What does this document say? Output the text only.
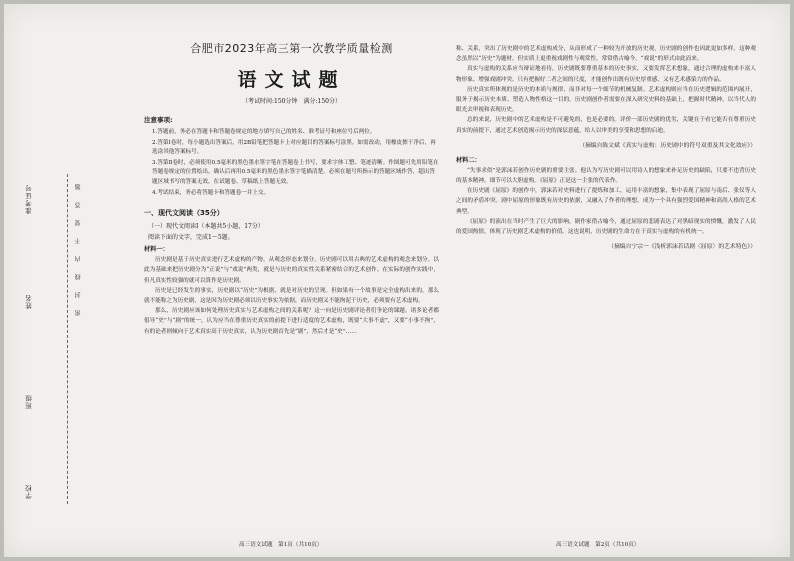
准考证号
姓名
班级
学校
密　　封　　线　　内　　不　　要　　答　　题

合肥市2023年高三第一次教学质量检测

语文试题

（考试时间:150分钟　满分:150分）

注意事项:

1.答题前，务必在答题卡和答题卷规定的地方填写自己的姓名、准考证号和座位号后两位。

2.答第Ⅰ卷时，每小题选出答案后，用2B铅笔把答题卡上对应题目的答案标号涂黑。如需改动，用橡皮擦干净后，再选涂其他答案标号。

3.答第Ⅱ卷时，必须使用0.5毫米的黑色墨水签字笔在答题卷上书写，要求字体工整、笔迹清晰。作图题可先用铅笔在答题卷规定的位置绘出，确认后再用0.5毫米的黑色墨水签字笔描清楚。必须在题号所指示的答题区域作答，超出答题区域书写的答案无效，在试题卷、草稿纸上答题无效。

4.考试结束，务必将答题卡和答题卷一并上交。

一、现代文阅读（35分）
（一）现代文阅读Ⅰ（本题共5小题，17分）
阅读下面的文字，完成1～5题。
材料一：

历史剧是基于历史真实进行艺术虚构的产物。从观念形态来划分，历史剧可以用古典的艺术虚构的观念来划分。以此为基础来把历史剧分为“正说”与“戏说”两类，就是与历史的真实性关系紧密结合的艺术创作。在实际的创作实践中，但凡真实性较强的就可以算作是历史剧。

历史是已经发生的事实，历史剧以“历史”为根据，就是对历史的呈现。但如果有一个故事是完全虚构出来的，那么就不能称之为历史剧，这是因为历史剧必须以历史事实为依据，而历史剧又不能拘泥于历史，必须要有艺术虚构。

那么，历史剧应该如何处理历史真实与艺术虚构之间的关系呢？这一向是历史剧评论者们争论的课题。诸多论者都倡导“史”与“剧”的统一，认为应当在尊重历史真实的前提下进行适度的艺术虚构，既要“大事不虚”，又要“小事不拘”，有的论者则倾向于艺术真实高于历史真实，认为历史剧首先是“剧”，然后才是“史”……

称、关系，突出了历史剧中的艺术虚构成分，从而形成了一种较为开放的历史观，历史剧的创作也因此更加多样。这种观念虽然以“历史”为题材，但实质上更重视戏剧性与观赏性，常常借古喻今，“戏说”的形式由此而来。

真实与虚构的关系应当辩证地看待，历史剧既要尊重基本的历史事实，又要发挥艺术想象，通过合理的虚构来丰富人物形象、增强戏剧冲突。只有把握好二者之间的尺度，才能创作出既有历史厚重感、又有艺术感染力的作品。

历史真实所体现的是历史的本质与规律，而非对每一个细节的机械复制。艺术虚构则应当在历史逻辑的范围内展开，服务于揭示历史本质、塑造人物性格这一目的。历史剧创作者需要在深入研究史料的基础上，把握时代精神，以当代人的眼光去审视和表现历史。

总的来说，历史剧中的艺术虚构是不可避免的，也是必要的。评价一部历史剧的优劣，关键在于看它能否在尊重历史真实的前提下，通过艺术创造揭示历史的深层意蕴，给人以审美的享受和思想的启迪。

（摘编自陈文斌《真实与虚构：历史剧中的符号双重及其文化效应》）

材料二：

“失事求似”是郭沫若创作历史剧的重要主张。他认为写历史剧可以用诗人的想象来补足历史的缺陷，只要不违背历史的基本精神，细节可以大胆虚构。《屈原》正是这一主张的代表作。

在历史剧《屈原》的创作中，郭沫若对史料进行了提炼和加工，运用丰富的想象，集中表现了屈原与南后、张仪等人之间的矛盾冲突。剧中屈原的形象既有历史的依据，又融入了作者的理想，成为一个具有强烈爱国精神和高尚人格的艺术典型。

《屈原》的演出在当时产生了巨大的影响。剧作家借古喻今，通过屈原的悲剧表达了对黑暗现实的愤慨，激发了人民的爱国热情，体现了历史剧艺术虚构的价值。这也说明，历史剧的生命力在于真实与虚构的有机统一。

（摘编自宁宗一《浅析郭沫若话剧〈屈原〉的艺术特色》）

高三语文试题　第1页（共10页）	高三语文试题　第2页（共10页）
